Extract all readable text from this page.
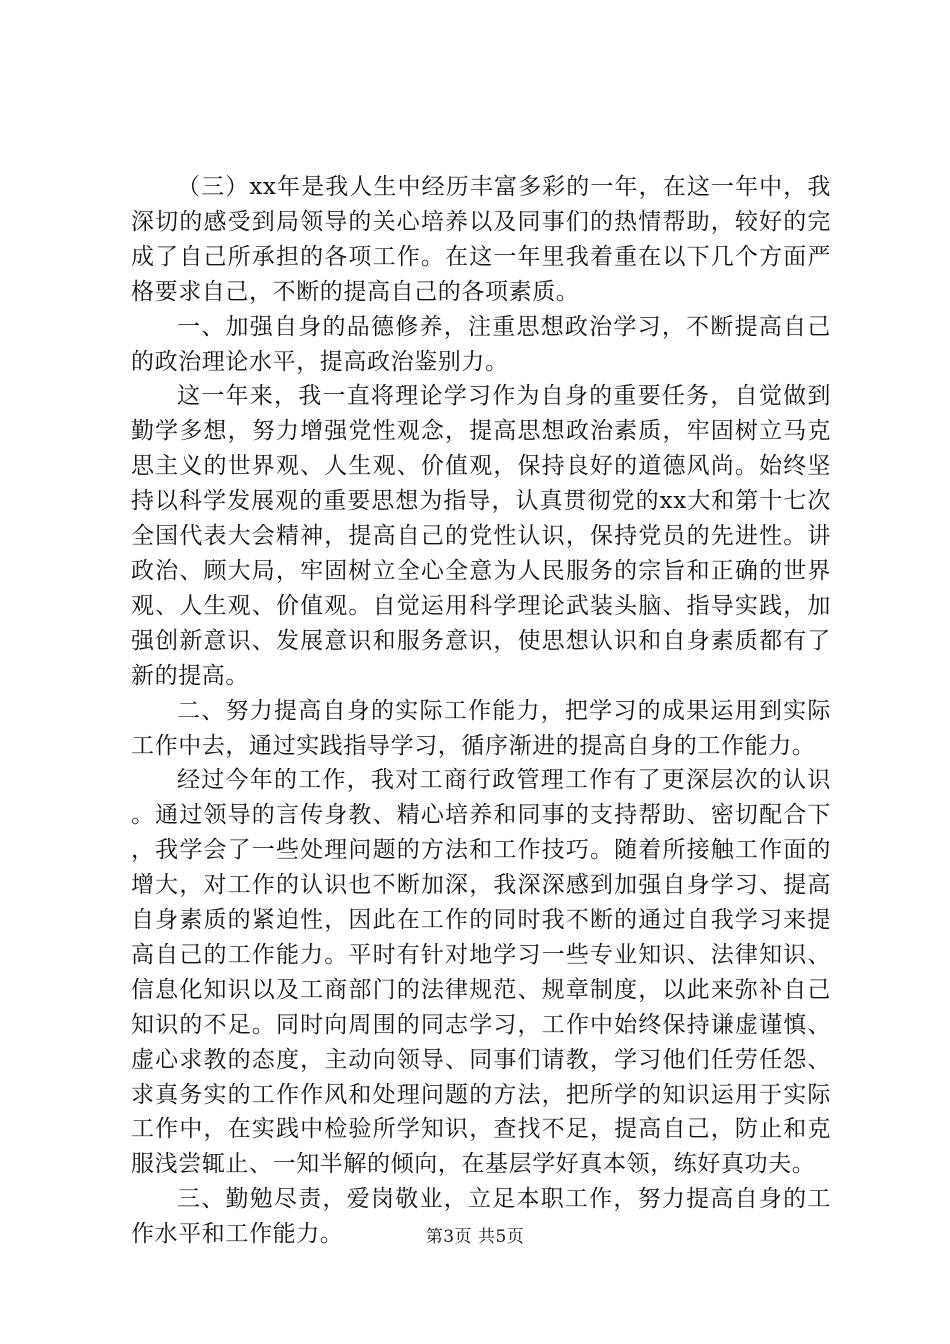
（三）xx年是我人生中经历丰富多彩的一年，在这一年中，我深切的感受到局领导的关心培养以及同事们的热情帮助，较好的完成了自己所承担的各项工作。在这一年里我着重在以下几个方面严格要求自己，不断的提高自己的各项素质。

一、加强自身的品德修养，注重思想政治学习，不断提高自己的政治理论水平，提高政治鉴别力。

这一年来，我一直将理论学习作为自身的重要任务，自觉做到勤学多想，努力增强党性观念，提高思想政治素质，牢固树立马克思主义的世界观、人生观、价值观，保持良好的道德风尚。始终坚持以科学发展观的重要思想为指导，认真贯彻党的xx大和第十七次全国代表大会精神，提高自己的党性认识，保持党员的先进性。讲政治、顾大局，牢固树立全心全意为人民服务的宗旨和正确的世界观、人生观、价值观。自觉运用科学理论武装头脑、指导实践，加强创新意识、发展意识和服务意识，使思想认识和自身素质都有了新的提高。

二、努力提高自身的实际工作能力，把学习的成果运用到实际工作中去，通过实践指导学习，循序渐进的提高自身的工作能力。

经过今年的工作，我对工商行政管理工作有了更深层次的认识。通过领导的言传身教、精心培养和同事的支持帮助、密切配合下，我学会了一些处理问题的方法和工作技巧。随着所接触工作面的增大，对工作的认识也不断加深，我深深感到加强自身学习、提高自身素质的紧迫性，因此在工作的同时我不断的通过自我学习来提高自己的工作能力。平时有针对地学习一些专业知识、法律知识、信息化知识以及工商部门的法律规范、规章制度，以此来弥补自己知识的不足。同时向周围的同志学习，工作中始终保持谦虚谨慎、虚心求教的态度，主动向领导、同事们请教，学习他们任劳任怨、求真务实的工作作风和处理问题的方法，把所学的知识运用于实际工作中，在实践中检验所学知识，查找不足，提高自己，防止和克服浅尝辄止、一知半解的倾向，在基层学好真本领，练好真功夫。

三、勤勉尽责，爱岗敬业，立足本职工作，努力提高自身的工作水平和工作能力。	第3页 共5页
